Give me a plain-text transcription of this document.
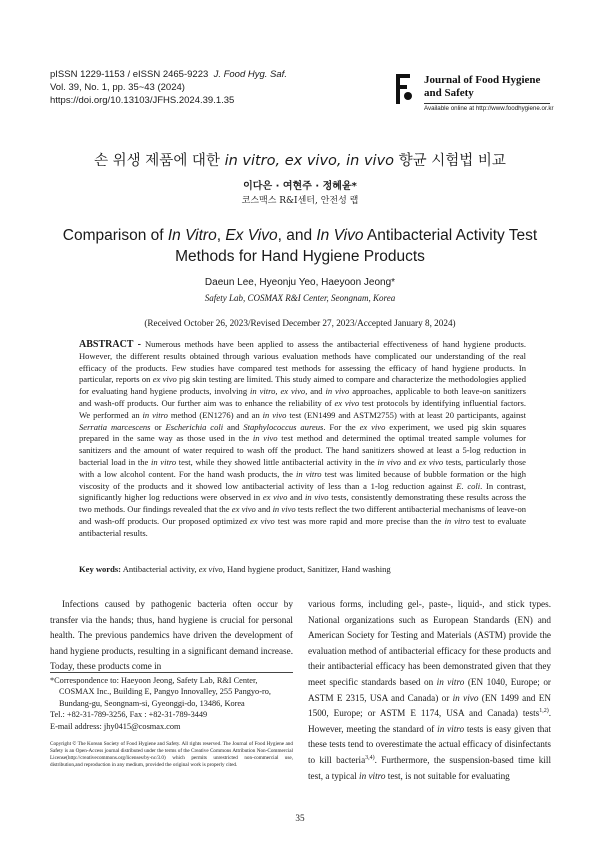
pISSN 1229-1153 / eISSN 2465-9223 J. Food Hyg. Saf.
Vol. 39, No. 1, pp. 35~43 (2024)
https://doi.org/10.13103/JFHS.2024.39.1.35
Journal of Food Hygiene
and Safety
Available online at http://www.foodhygiene.or.kr
손 위생 제품에 대한 in vitro, ex vivo, in vivo 향균 시험법 비교
이다은 · 여현주 · 정혜윤*
코스맥스 R&I센터, 안전성 랩
Comparison of In Vitro, Ex Vivo, and In Vivo Antibacterial Activity Test
Methods for Hand Hygiene Products
Daeun Lee, Hyeonju Yeo, Haeyoon Jeong*
Safety Lab, COSMAX R&I Center, Seongnam, Korea
(Received October 26, 2023/Revised December 27, 2023/Accepted January 8, 2024)
ABSTRACT - Numerous methods have been applied to assess the antibacterial effectiveness of hand hygiene products. However, the different results obtained through various evaluation methods have complicated our understanding of the real efficacy of the products. Few studies have compared test methods for assessing the efficacy of hand hygiene products. In particular, reports on ex vivo pig skin testing are limited. This study aimed to compare and characterize the methodologies applied for evaluating hand hygiene products, involving in vitro, ex vivo, and in vivo approaches, applicable to both leave-on sanitizers and wash-off products. Our further aim was to enhance the reliability of ex vivo test protocols by identifying influential factors. We performed an in vitro method (EN1276) and an in vivo test (EN1499 and ASTM2755) with at least 20 participants, against Serratia marcescens or Escherichia coli and Staphylococcus aureus. For the ex vivo experiment, we used pig skin squares prepared in the same way as those used in the in vivo test method and determined the optimal treated sample volumes for sanitizers and the amount of water required to wash off the product. The hand sanitizers showed at least a 5-log reduction in bacterial load in the in vitro test, while they showed little antibacterial activity in the in vivo and ex vivo tests, particularly those with a low alcohol content. For the hand wash products, the in vitro test was limited because of bubble formation or the high viscosity of the products and it showed low antibacterial activity of less than a 1-log reduction against E. coli. In contrast, significantly higher log reductions were observed in ex vivo and in vivo tests, consistently demonstrating these results across the two methods. Our findings revealed that the ex vivo and in vivo tests reflect the two different antibacterial mechanisms of leave-on and wash-off products. Our proposed optimized ex vivo test was more rapid and more precise than the in vitro test to evaluate antibacterial results.
Key words: Antibacterial activity, ex vivo, Hand hygiene product, Sanitizer, Hand washing
Infections caused by pathogenic bacteria often occur by transfer via the hands; thus, hand hygiene is crucial for personal health. The previous pandemics have driven the development of hand hygiene products, resulting in a significant demand increase. Today, these products come in
various forms, including gel-, paste-, liquid-, and stick types. National organizations such as European Standards (EN) and American Society for Testing and Materials (ASTM) provide the evaluation method of antibacterial efficacy for these products and their antibacterial efficacy has been demonstrated given that they meet specific standards based on in vitro (EN 1040, Europe; or ASTM E 2315, USA and Canada) or in vivo (EN 1499 and EN 1500, Europe; or ASTM E 1174, USA and Canada) tests$^{1,2)}$. However, meeting the standard of in vitro tests is easy given that these tests tend to overestimate the actual efficacy of disinfectants to kill bacteria$^{3,4)}$. Furthermore, the suspension-based time kill test, a typical in vitro test, is not suitable for evaluating
*Correspondence to: Haeyoon Jeong, Safety Lab, R&I Center,
COSMAX Inc., Building E, Pangyo Innovalley, 255 Pangyo-ro,
Bundang-gu, Seongnam-si, Gyeonggi-do, 13486, Korea
Tel.: +82-31-789-3256, Fax : +82-31-789-3449
E-mail address: jhy0415@cosmax.com
Copyright © The Korean Society of Food Hygiene and Safety. All rights reserved. The Journal of Food Hygiene and Safety is an Open-Access journal distributed under the terms of the Creative Commons Attribution Non-Commercial License(http://creativecommons.org/licenses/by-nc/3.0) which permits unrestricted non-commercial use, distribution,and reproduction in any medium, provided the original work is properly cited.
35
